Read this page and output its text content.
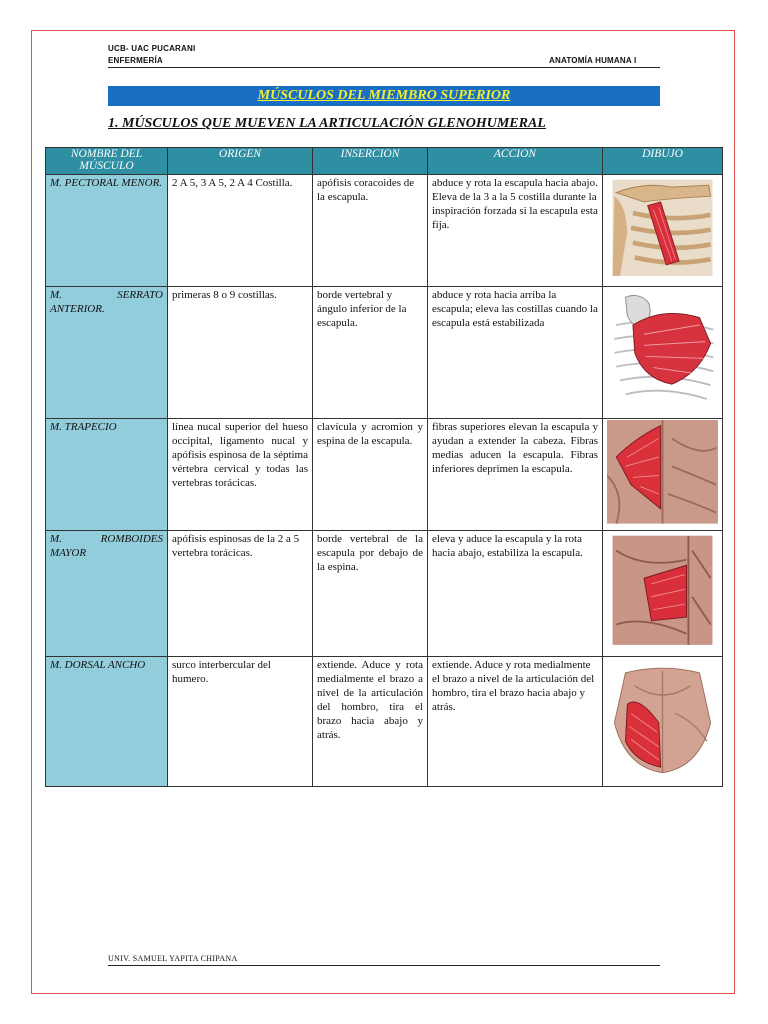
UCB- UAC PUCARANI
ENFERMERÍA	ANATOMÍA HUMANA I
MÚSCULOS DEL MIEMBRO SUPERIOR
1. MÚSCULOS QUE MUEVEN LA ARTICULACIÓN GLENOHUMERAL
NOMBRE DEL MÚSCULO	ORIGEN	INSERCIÓN	ACCIÓN	DIBUJO
M. PECTORAL MENOR.	2 A 5, 3 A 5, 2 A 4 Costilla.	apófisis coracoides de la escapula.	abduce y rota la escapula hacia abajo. Eleva de la 3 a la 5 costilla durante la inspiración forzada si la escapula esta fija.	

M. SERRATO ANTERIOR.	primeras 8 o 9 costillas.	borde vertebral y ángulo inferior de la escapula.	abduce y rota hacia arriba la escapula; eleva las costillas cuando la escapula está estabilizada	

M. TRAPECIO	línea nucal superior del hueso occipital, ligamento nucal y apófisis espinosa de la séptima vértebra cervical y todas las vertebras torácicas.	clavícula y acromion y espina de la escapula.	fibras superiores elevan la escapula y ayudan a extender la cabeza. Fibras medias aducen la escapula. Fibras inferiores deprimen la escapula.	

M. ROMBOIDES MAYOR	apófisis espinosas de la 2 a 5 vertebra torácicas.	borde vertebral de la escapula por debajo de la espina.	eleva y aduce la escapula y la rota hacia abajo, estabiliza la escapula.	

M. DORSAL ANCHO	surco interbercular del humero.	extiende. Aduce y rota medialmente el brazo a nivel de la articulación del hombro, tira el brazo hacia abajo y atrás.	extiende. Aduce y rota medialmente el brazo a nivel de la articulación del hombro, tira el brazo hacia abajo y atrás.	
UNIV. SAMUEL YAPITA CHIPANA
